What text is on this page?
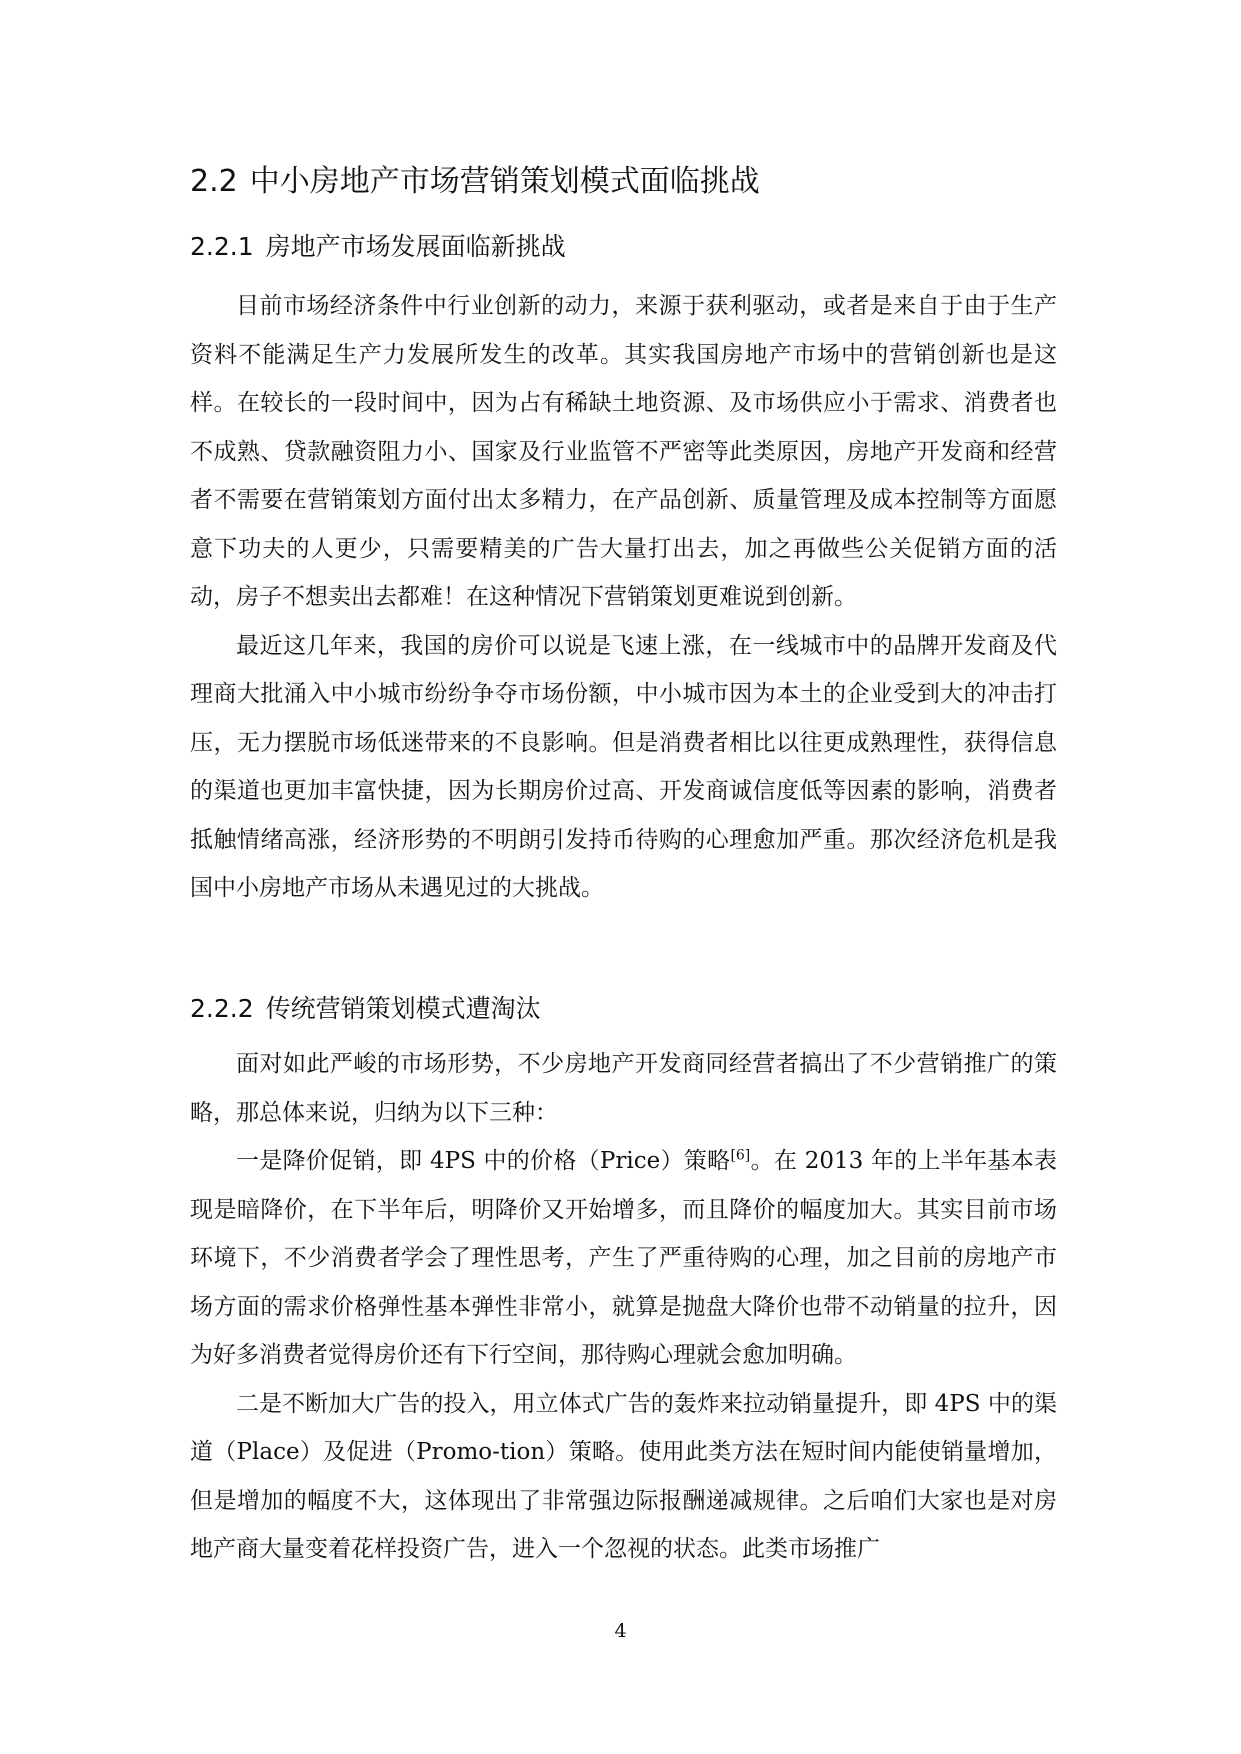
2.2 中小房地产市场营销策划模式面临挑战
2.2.1 房地产市场发展面临新挑战

目前市场经济条件中行业创新的动力，来源于获利驱动，或者是来自于由于生产资料不能满足生产力发展所发生的改革。其实我国房地产市场中的营销创新也是这样。在较长的一段时间中，因为占有稀缺土地资源、及市场供应小于需求、消费者也不成熟、贷款融资阻力小、国家及行业监管不严密等此类原因，房地产开发商和经营者不需要在营销策划方面付出太多精力，在产品创新、质量管理及成本控制等方面愿意下功夫的人更少，只需要精美的广告大量打出去，加之再做些公关促销方面的活动，房子不想卖出去都难！在这种情况下营销策划更难说到创新。

最近这几年来，我国的房价可以说是飞速上涨，在一线城市中的品牌开发商及代理商大批涌入中小城市纷纷争夺市场份额，中小城市因为本土的企业受到大的冲击打压，无力摆脱市场低迷带来的不良影响。但是消费者相比以往更成熟理性，获得信息的渠道也更加丰富快捷，因为长期房价过高、开发商诚信度低等因素的影响，消费者抵触情绪高涨，经济形势的不明朗引发持币待购的心理愈加严重。那次经济危机是我国中小房地产市场从未遇见过的大挑战。

2.2.2 传统营销策划模式遭淘汰

面对如此严峻的市场形势，不少房地产开发商同经营者搞出了不少营销推广的策略，那总体来说，归纳为以下三种：

一是降价促销，即 4PS 中的价格（Price）策略[6]。在 2013 年的上半年基本表现是暗降价，在下半年后，明降价又开始增多，而且降价的幅度加大。其实目前市场环境下，不少消费者学会了理性思考，产生了严重待购的心理，加之目前的房地产市场方面的需求价格弹性基本弹性非常小，就算是抛盘大降价也带不动销量的拉升，因为好多消费者觉得房价还有下行空间，那待购心理就会愈加明确。

二是不断加大广告的投入，用立体式广告的轰炸来拉动销量提升，即 4PS 中的渠道（Place）及促进（Promo-tion）策略。使用此类方法在短时间内能使销量增加，但是增加的幅度不大，这体现出了非常强边际报酬递减规律。之后咱们大家也是对房地产商大量变着花样投资广告，进入一个忽视的状态。此类市场推广

4
